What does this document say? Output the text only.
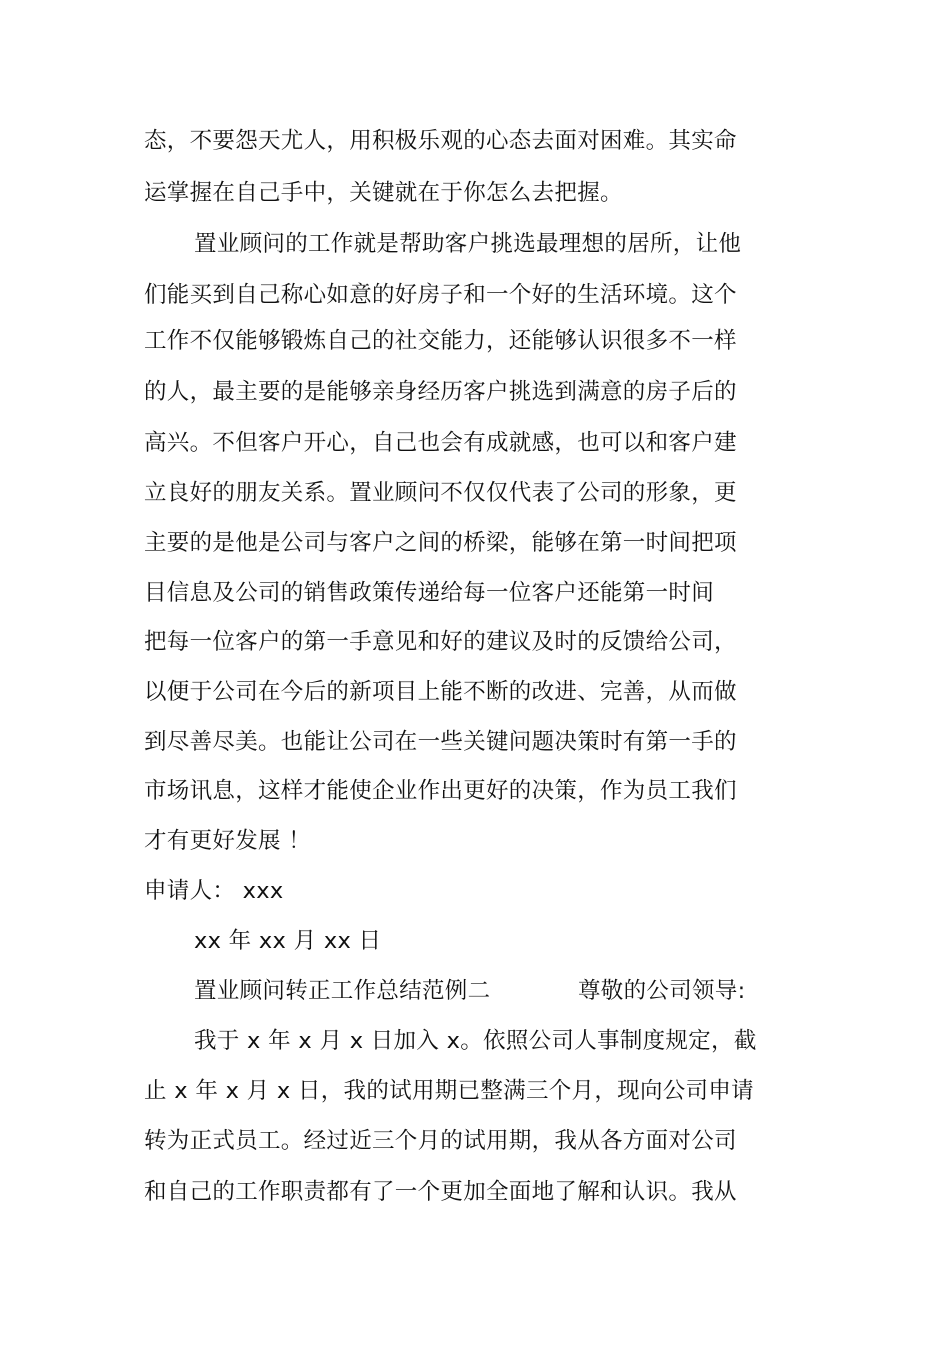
态，不要怨天尤人，用积极乐观的心态去面对困难。其实命
运掌握在自己手中，关键就在于你怎么去把握。
置业顾问的工作就是帮助客户挑选最理想的居所，让他
们能买到自己称心如意的好房子和一个好的生活环境。这个
工作不仅能够锻炼自己的社交能力，还能够认识很多不一样
的人，最主要的是能够亲身经历客户挑选到满意的房子后的
高兴。不但客户开心，自己也会有成就感，也可以和客户建
立良好的朋友关系。置业顾问不仅仅代表了公司的形象，更
主要的是他是公司与客户之间的桥梁，能够在第一时间把项
目信息及公司的销售政策传递给每一位客户还能第一时间
把每一位客户的第一手意见和好的建议及时的反馈给公司，
以便于公司在今后的新项目上能不断的改进、完善，从而做
到尽善尽美。也能让公司在一些关键问题决策时有第一手的
市场讯息，这样才能使企业作出更好的决策，作为员工我们
才有更好发展 ！
申请人： xxx
xx 年 xx 月 xx 日
置业顾问转正工作总结范例二	尊敬的公司领导:
我于 x 年 x 月 x 日加入 x。依照公司人事制度规定，截
止 x 年 x 月 x 日，我的试用期已整满三个月，现向公司申请
转为正式员工。经过近三个月的试用期，我从各方面对公司
和自己的工作职责都有了一个更加全面地了解和认识。我从
